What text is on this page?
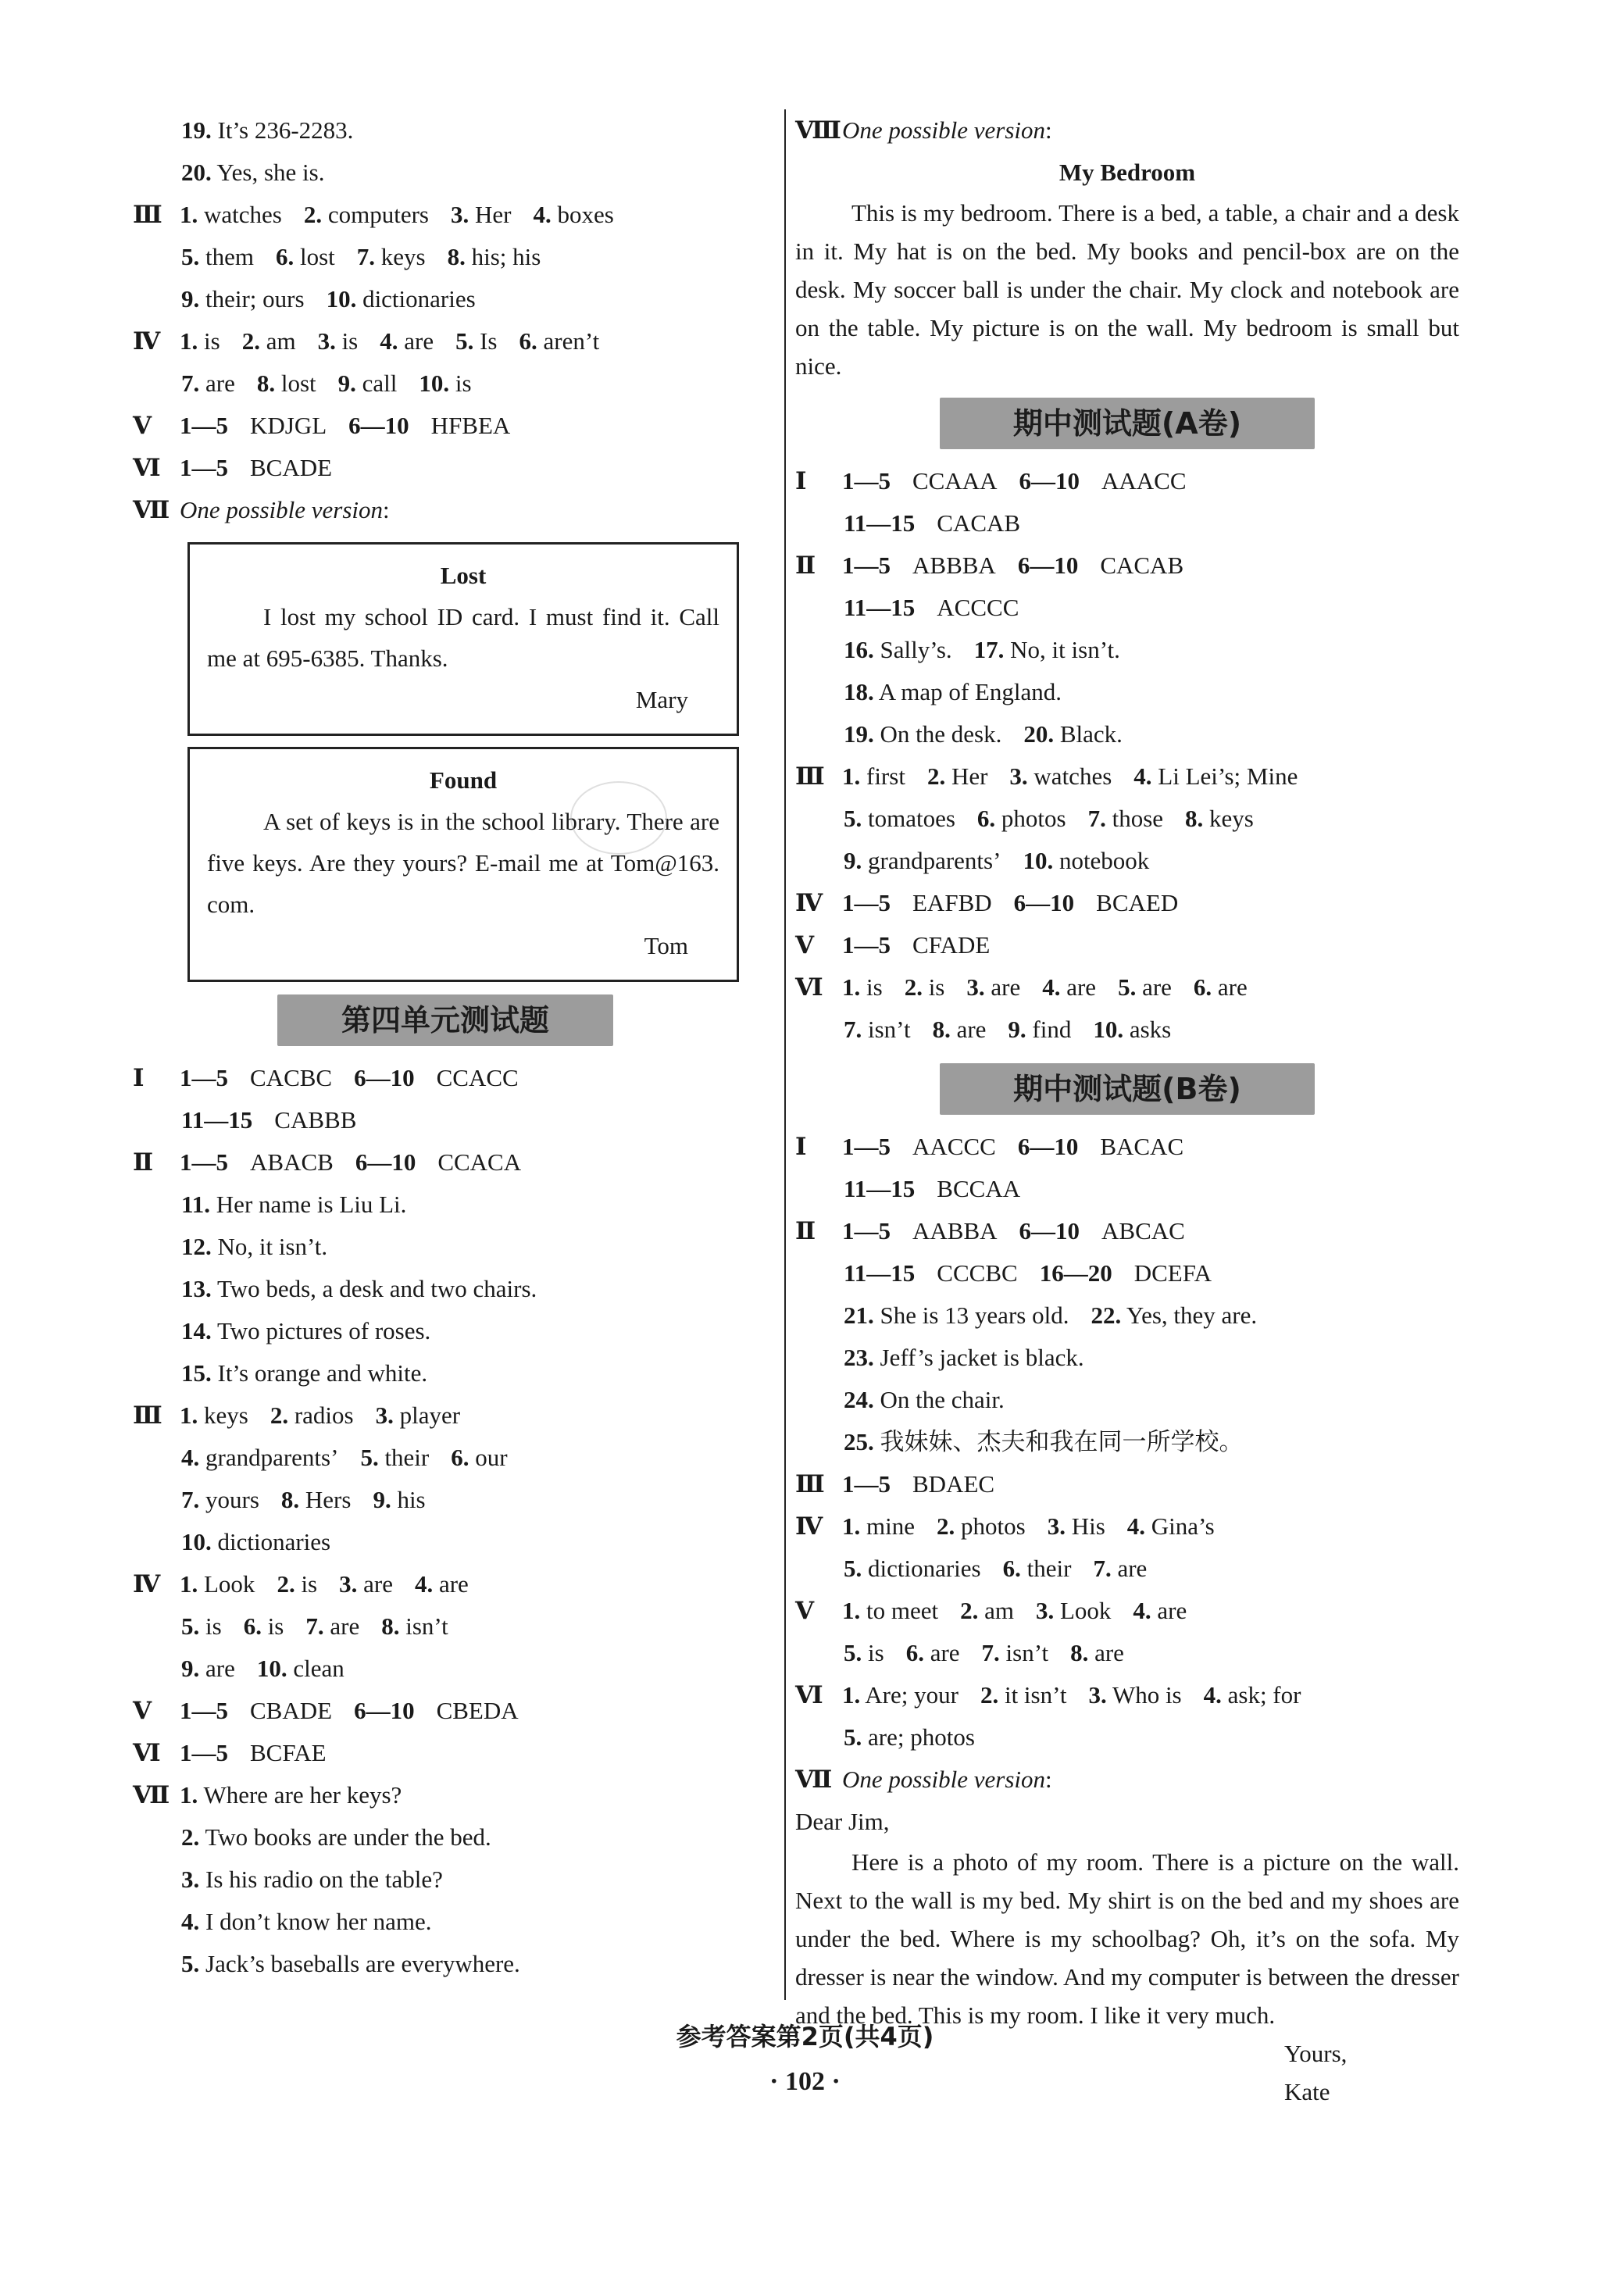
19. It’s 236-2283.
20. Yes, she is.
Ⅲ 1. watches 2. computers 3. Her 4. boxes
5. them 6. lost 7. keys 8. his; his
9. their; ours 10. dictionaries
Ⅳ 1. is 2. am 3. is 4. are 5. Is 6. aren’t
7. are 8. lost 9. call 10. is
Ⅴ 1—5 KDJGL 6—10 HFBEA
Ⅵ 1—5 BCADE
Ⅶ One possible version:
Lost

I lost my school ID card. I must find it. Call me at 695-6385. Thanks.

Mary
Found

A set of keys is in the school library. There are five keys. Are they yours? E-mail me at Tom@163. com.

Tom
第四单元测试题
Ⅰ 1—5 CACBC 6—10 CCACC
11—15 CABBB
Ⅱ 1—5 ABACB 6—10 CCACA
11. Her name is Liu Li.
12. No, it isn’t.
13. Two beds, a desk and two chairs.
14. Two pictures of roses.
15. It’s orange and white.
Ⅲ 1. keys 2. radios 3. player
4. grandparents’ 5. their 6. our
7. yours 8. Hers 9. his
10. dictionaries
Ⅳ 1. Look 2. is 3. are 4. are
5. is 6. is 7. are 8. isn’t
9. are 10. clean
Ⅴ 1—5 CBADE 6—10 CBEDA
Ⅵ 1—5 BCFAE
Ⅶ 1. Where are her keys?
2. Two books are under the bed.
3. Is his radio on the table?
4. I don’t know her name.
5. Jack’s baseballs are everywhere.
ⅧOne possible version:
My Bedroom

This is my bedroom. There is a bed, a table, a chair and a desk in it. My hat is on the bed. My books and pencil-box are on the desk. My soccer ball is under the chair. My clock and notebook are on the table. My picture is on the wall. My bedroom is small but nice.

期中测试题(A卷)
Ⅰ 1—5 CCAAA 6—10 AAACC
11—15 CACAB
Ⅱ 1—5 ABBBA 6—10 CACAB
11—15 ACCCC
16. Sally’s. 17. No, it isn’t.
18. A map of England.
19. On the desk. 20. Black.
Ⅲ 1. first 2. Her 3. watches 4. Li Lei’s; Mine
5. tomatoes 6. photos 7. those 8. keys
9. grandparents’ 10. notebook
Ⅳ 1—5 EAFBD 6—10 BCAED
Ⅴ 1—5 CFADE
Ⅵ 1. is 2. is 3. are 4. are 5. are 6. are
7. isn’t 8. are 9. find 10. asks
期中测试题(B卷)
Ⅰ 1—5 AACCC 6—10 BACAC
11—15 BCCAA
Ⅱ 1—5 AABBA 6—10 ABCAC
11—15 CCCBC 16—20 DCEFA
21. She is 13 years old. 22. Yes, they are.
23. Jeff’s jacket is black.
24. On the chair.
25. 我妹妹、杰夫和我在同一所学校。
Ⅲ 1—5 BDAEC
Ⅳ 1. mine 2. photos 3. His 4. Gina’s
5. dictionaries 6. their 7. are
Ⅴ 1. to meet 2. am 3. Look 4. are
5. is 6. are 7. isn’t 8. are
Ⅵ 1. Are; your 2. it isn’t 3. Who is 4. ask; for
5. are; photos
Ⅶ One possible version:
Dear Jim,

Here is a photo of my room. There is a picture on the wall. Next to the wall is my bed. My shirt is on the bed and my shoes are under the bed. Where is my schoolbag? Oh, it’s on the sofa. My dresser is near the window. And my computer is between the dresser and the bed. This is my room. I like it very much.

Yours,
Kate
参考答案第2页(共4页)
· 102 ·
